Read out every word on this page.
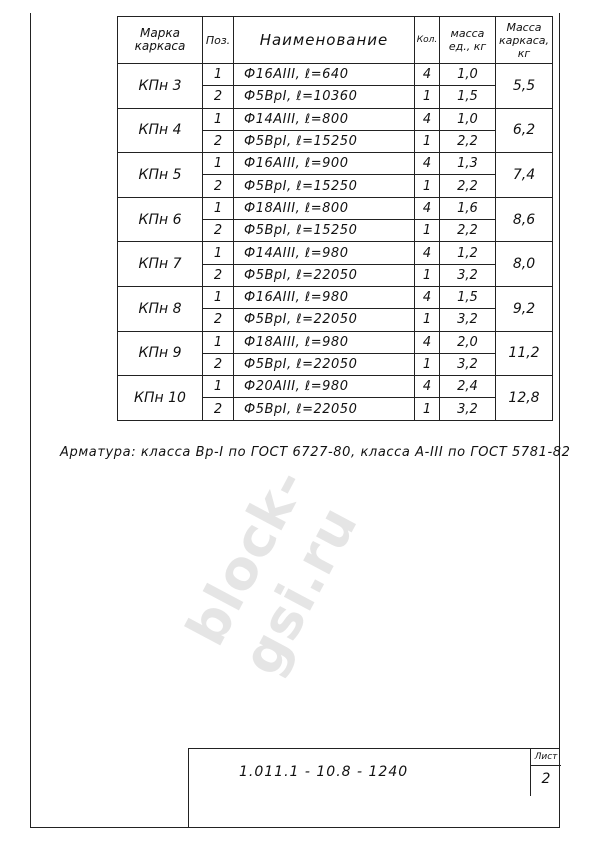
Марка каркаса	Поз.	Наименование	Кол.	масса ед., кг	Масса каркаса, кг
КПн 3	1	Ф16АIII, ℓ=640	4	1,0	5,5
	2	Ф5ВрI, ℓ=10360	1	1,5	
КПн 4	1	Ф14АIII, ℓ=800	4	1,0	6,2
	2	Ф5ВрI, ℓ=15250	1	2,2	
КПн 5	1	Ф16АIII, ℓ=900	4	1,3	7,4
	2	Ф5ВрI, ℓ=15250	1	2,2	
КПн 6	1	Ф18АIII, ℓ=800	4	1,6	8,6
	2	Ф5ВрI, ℓ=15250	1	2,2	
КПн 7	1	Ф14АIII, ℓ=980	4	1,2	8,0
	2	Ф5ВрI, ℓ=22050	1	3,2	
КПн 8	1	Ф16АIII, ℓ=980	4	1,5	9,2
	2	Ф5ВрI, ℓ=22050	1	3,2	
КПн 9	1	Ф18АIII, ℓ=980	4	2,0	11,2
	2	Ф5ВрI, ℓ=22050	1	3,2	
КПн 10	1	Ф20АIII, ℓ=980	4	2,4	12,8
	2	Ф5ВрI, ℓ=22050	1	3,2	
Арматура: класса Вр-I по ГОСТ 6727-80, класса А-III по ГОСТ 5781-82
block-gsi.ru
1.011.1 - 10.8 - 1240
Лист
2
